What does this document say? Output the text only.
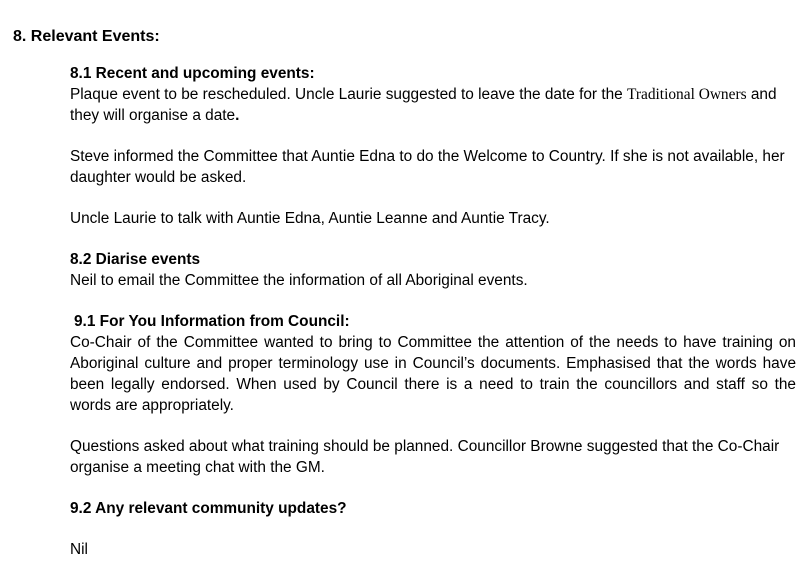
8. Relevant Events:
8.1 Recent and upcoming events:
Plaque event to be rescheduled. Uncle Laurie suggested to leave the date for the Traditional Owners and they will organise a date.
Steve informed the Committee that Auntie Edna to do the Welcome to Country. If she is not available, her daughter would be asked.
Uncle Laurie to talk with Auntie Edna, Auntie Leanne and Auntie Tracy.
8.2 Diarise events
Neil to email the Committee the information of all Aboriginal events.
9.1 For You Information from Council:
Co-Chair of the Committee wanted to bring to Committee the attention of the needs to have training on Aboriginal culture and proper terminology use in Council’s documents. Emphasised that the words have been legally endorsed. When used by Council there is a need to train the councillors and staff so the words are appropriately.
Questions asked about what training should be planned. Councillor Browne suggested that the Co-Chair organise a meeting chat with the GM.
9.2 Any relevant community updates?
Nil
